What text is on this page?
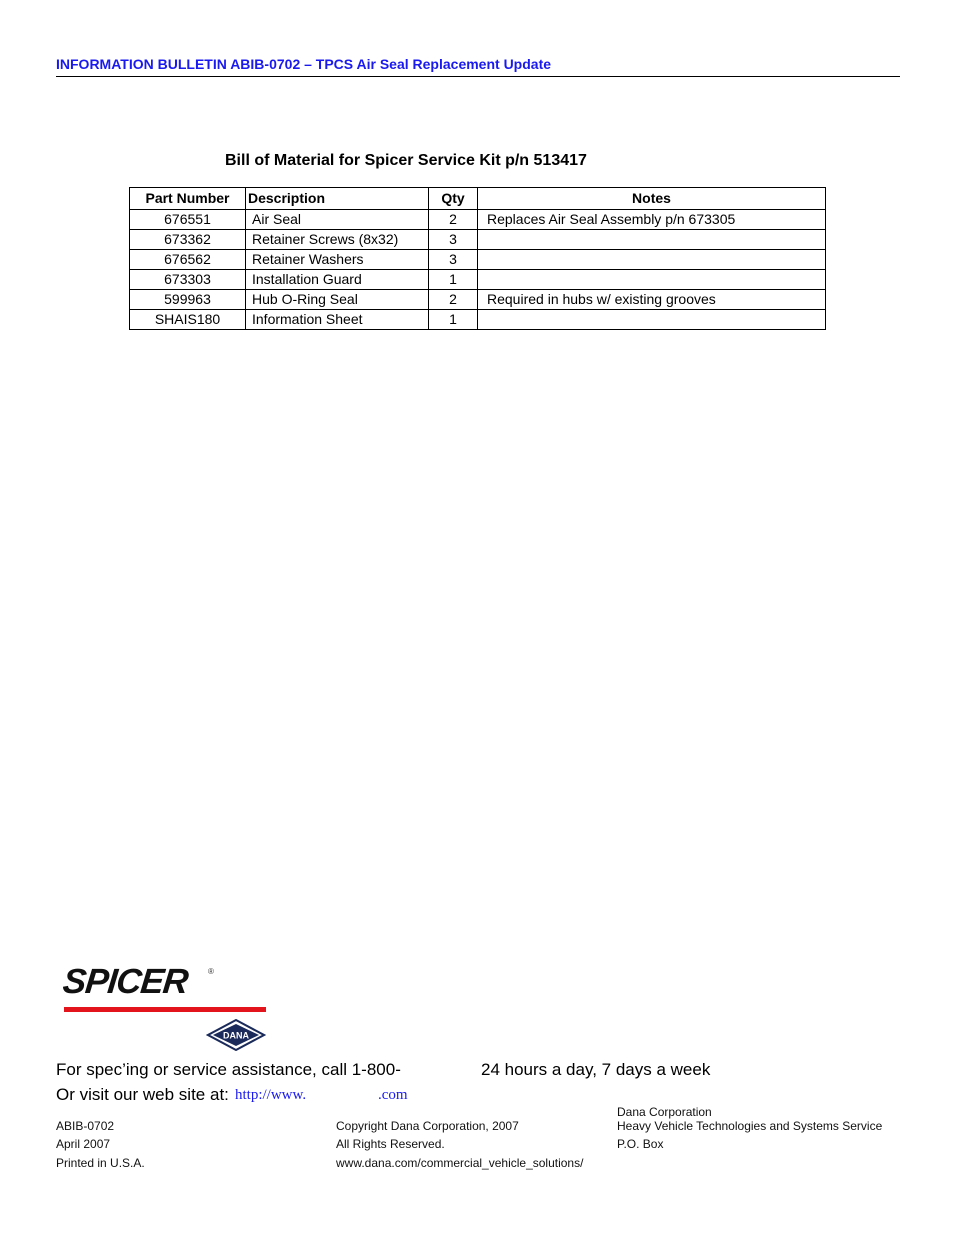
INFORMATION BULLETIN ABIB-0702 – TPCS Air Seal Replacement Update
Bill of Material for Spicer Service Kit p/n 513417
Part Number	Description	Qty	Notes
676551	Air Seal	2	Replaces Air Seal Assembly p/n 673305
673362	Retainer Screws (8x32)	3	
676562	Retainer Washers	3	
673303	Installation Guard	1	
599963	Hub O-Ring Seal	2	Required in hubs w/ existing grooves
SHAIS180	Information Sheet	1	
SPICER ®
DANA
For spec’ing or service assistance, call 1-800-	24 hours a day, 7 days a week
Or visit our web site at: http://www.	.com
ABIB-0702
April 2007
Printed in U.S.A.
Copyright Dana Corporation, 2007
All Rights Reserved.
www.dana.com/commercial_vehicle_solutions/
Dana Corporation
Heavy Vehicle Technologies and Systems Service
P.O. Box
